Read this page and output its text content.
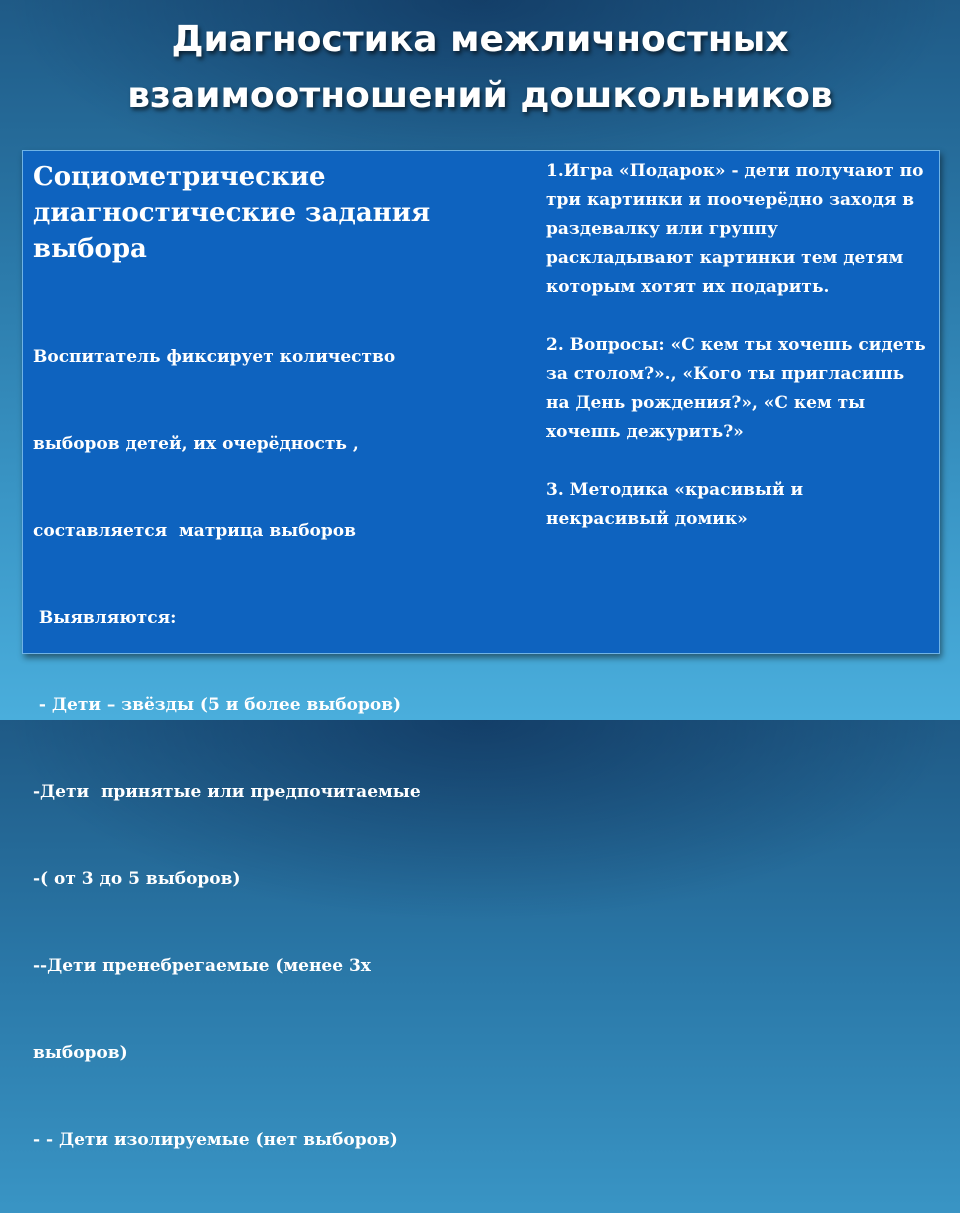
Диагностика межличностных
взаимоотношений дошкольников
Социометрические диагностические задания выбора

Воспитатель фиксирует количество

выборов детей, их очерёдность ,

составляется  матрица выборов

Выявляются:

- Дети – звёзды (5 и более выборов)

-Дети  принятые или предпочитаемые

-( от 3 до 5 выборов)

--Дети пренебрегаемые (менее 3х

выборов)

- - Дети изолируемые (нет выборов)

1.Игра «Подарок» - дети получают по три картинки и поочерёдно заходя в раздевалку или группу раскладывают картинки тем детям которым хотят их подарить.
2. Вопросы: «С кем ты хочешь сидеть за столом?»., «Кого ты пригласишь на День рождения?», «С кем ты хочешь дежурить?»
3. Методика «красивый и некрасивый домик»
